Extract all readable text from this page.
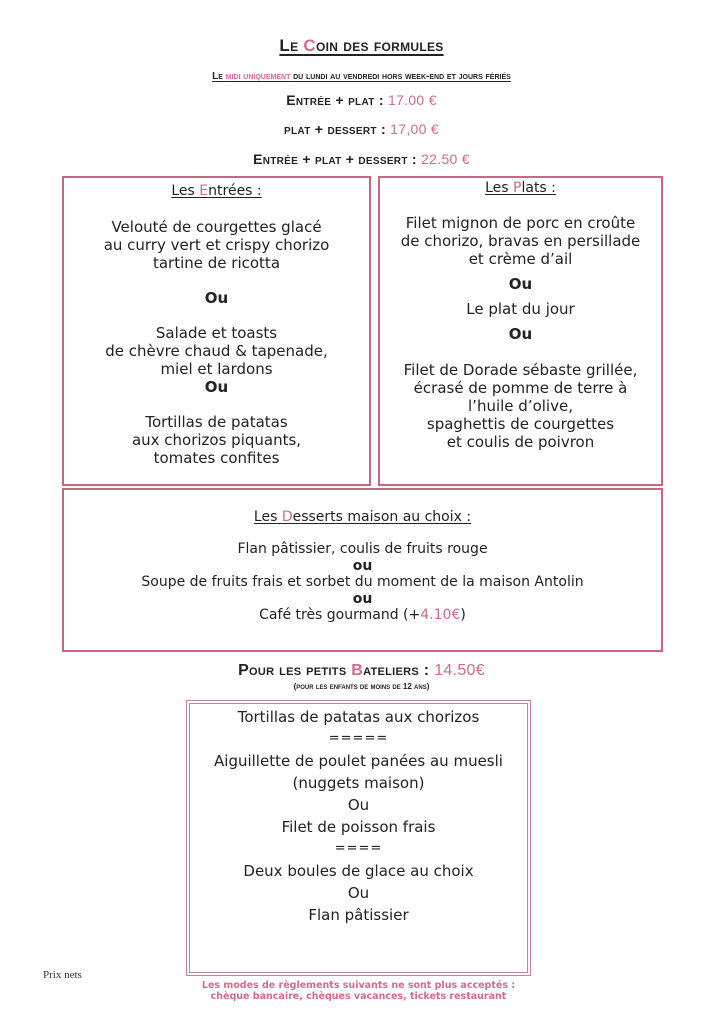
Le Coin des formules
Le midi uniquement du lundi au vendredi hors week-end et jours fériés
Entrée + plat : 17.00 €
plat + dessert : 17,00 €
Entrée + plat + dessert : 22.50 €
Les Entrées :
Velouté de courgettes glacé
au curry vert et crispy chorizo
tartine de ricotta
Ou
Salade et toasts
de chèvre chaud & tapenade,
miel et lardons
Ou
Tortillas de patatas
aux chorizos piquants,
tomates confites
Les Plats :
Filet mignon de porc en croûte
de chorizo, bravas en persillade
et crème d’ail
Ou
Le plat du jour
Ou
Filet de Dorade sébaste grillée,
écrasé de pomme de terre à
l’huile d’olive,
spaghettis de courgettes
et coulis de poivron
Les Desserts maison au choix :
Flan pâtissier, coulis de fruits rouge
ou
Soupe de fruits frais et sorbet du moment de la maison Antolin
ou
Café très gourmand (+4.10€)
Pour les petits Bateliers : 14.50€
(pour les enfants de moins de 12 ans)
Tortillas de patatas aux chorizos
=====
Aiguillette de poulet panées au muesli
(nuggets maison)
Ou
Filet de poisson frais
====
Deux boules de glace au choix
Ou
Flan pâtissier
Prix nets
Les modes de règlements suivants ne sont plus acceptés :
chèque bancaire, chèques vacances, tickets restaurant
